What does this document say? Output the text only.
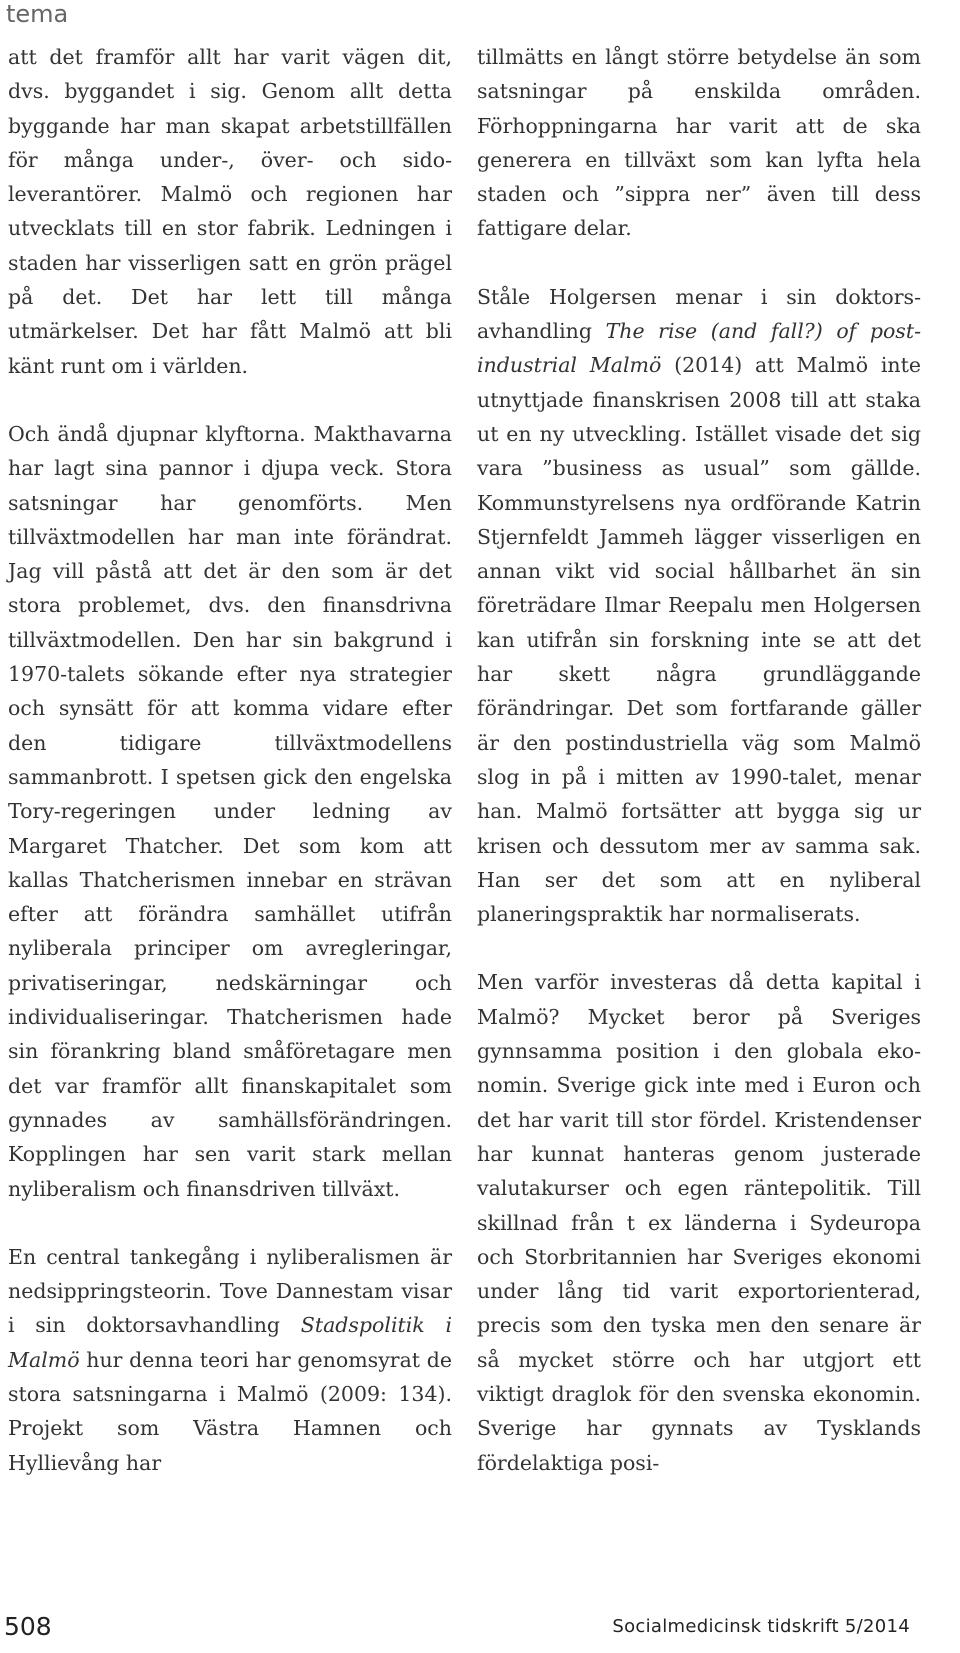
tema

att det framför allt har varit vägen dit, dvs. byggandet i sig. Genom allt detta byggande har man skapat arbetstillfällen för många under-, över- och sidoleverantörer. Malmö och regionen har utvecklats till en stor fabrik. Ledningen i staden har visserligen satt en grön prägel på det. Det har lett till många utmärkelser. Det har fått Malmö att bli känt runt om i världen.

Och ändå djupnar klyftorna. Makthavarna har lagt sina pannor i djupa veck. Stora satsningar har genomförts. Men tillväxtmodellen har man inte förändrat. Jag vill påstå att det är den som är det stora problemet, dvs. den finansdrivna tillväxtmodellen. Den har sin bakgrund i 1970-talets sökande efter nya strategier och synsätt för att komma vidare efter den tidigare tillväxtmodellens sammanbrott. I spetsen gick den engelska Tory-regeringen under ledning av Margaret Thatcher. Det som kom att kallas Thatcherismen innebar en strävan efter att förändra samhället utifrån nyliberala principer om avregleringar, privatiseringar, nedskärningar och individualiseringar. Thatcherismen hade sin förankring bland småföretagare men det var framför allt finanskapitalet som gynnades av samhällsförändringen. Kopplingen har sen varit stark mellan nyliberalism och finansdriven tillväxt.

En central tankegång i nyliberalismen är nedsippringsteorin. Tove Dannestam visar i sin doktorsavhandling Stadspolitik i Malmö hur denna teori har genomsyrat de stora satsningarna i Malmö (2009: 134). Projekt som Västra Hamnen och Hyllievång har

tillmätts en långt större betydelse än som satsningar på enskilda områden. Förhoppningarna har varit att de ska generera en tillväxt som kan lyfta hela staden och ”sippra ner” även till dess fattigare delar.

Ståle Holgersen menar i sin doktorsavhandling The rise (and fall?) of postindustrial Malmö (2014) att Malmö inte utnyttjade finanskrisen 2008 till att staka ut en ny utveckling. Istället visade det sig vara ”business as usual” som gällde. Kommunstyrelsens nya ordförande Katrin Stjernfeldt Jammeh lägger visserligen en annan vikt vid social hållbarhet än sin företrädare Ilmar Reepalu men Holgersen kan utifrån sin forskning inte se att det har skett några grundläggande förändringar. Det som fortfarande gäller är den postindustriella väg som Malmö slog in på i mitten av 1990-talet, menar han. Malmö fortsätter att bygga sig ur krisen och dessutom mer av samma sak. Han ser det som att en nyliberal planeringspraktik har normaliserats.

Men varför investeras då detta kapital i Malmö? Mycket beror på Sveriges gynnsamma position i den globala ekonomin. Sverige gick inte med i Euron och det har varit till stor fördel. Kristendenser har kunnat hanteras genom justerade valutakurser och egen räntepolitik. Till skillnad från t ex länderna i Sydeuropa och Storbritannien har Sveriges ekonomi under lång tid varit exportorienterad, precis som den tyska men den senare är så mycket större och har utgjort ett viktigt draglok för den svenska ekonomin. Sverige har gynnats av Tysklands fördelaktiga posi-

508	Socialmedicinsk tidskrift 5/2014
